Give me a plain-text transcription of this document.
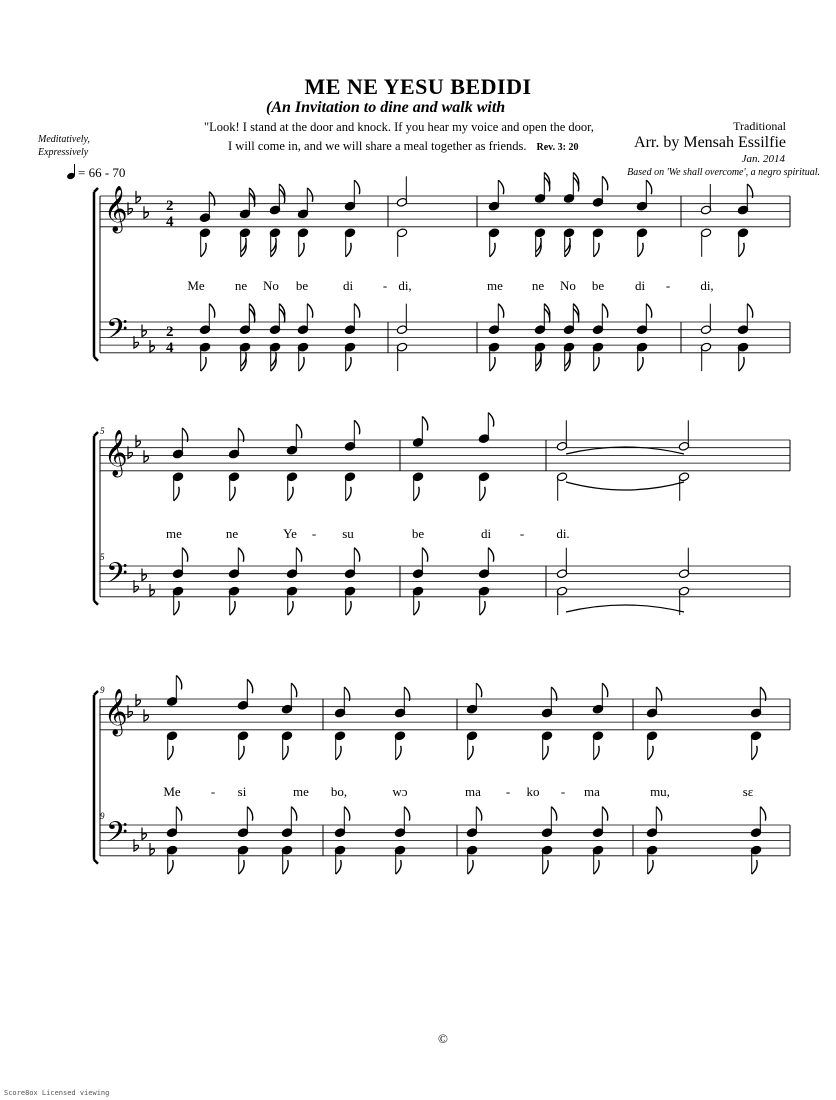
ME NE YESU BEDIDI
(An Invitation to dine and walk with
"Look! I stand at the door and knock. If you hear my voice and open the door,
I will come in, and we will share a meal together as friends. Rev. 3: 20
Meditatively,
Expressively
= 66 - 70
Traditional
Arr. by Mensah Essilfie
Jan. 2014
Based on 'We shall overcome', a negro spiritual.
𝄞
𝄢
2
4
2
4
Me ne No be	di - di,	me ne No be di - di,
𝄞
𝄢
5
5
me	ne	Ye - su	be	di - di.
𝄞
𝄢
9
9
Me - si	me bo,	wɔ	ma - ko - ma	mu,	sɛ
©
Score8ox Licensed viewing
